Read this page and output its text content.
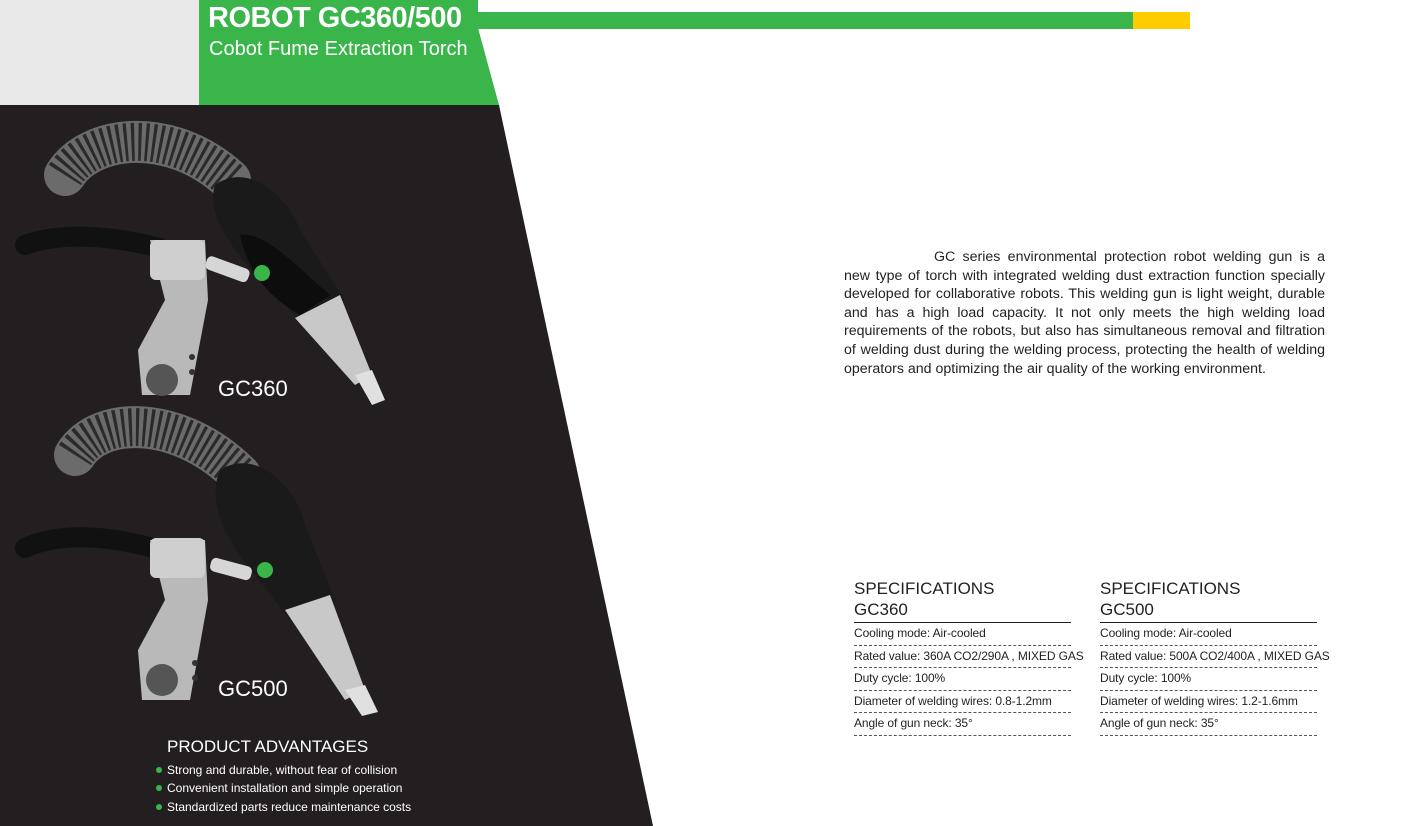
ROBOT GC360/500
Cobot Fume Extraction Torch
GC360
GC500
PRODUCT ADVANTAGES
Strong and durable, without fear of collision
Convenient installation and simple operation
Standardized parts reduce maintenance costs
GC series environmental protection robot welding gun is a new type of torch with integrated welding dust extraction function specially developed for collaborative robots. This welding gun is light weight, durable and has a high load capacity. It not only meets the high welding load requirements of the robots, but also has simultaneous removal and filtration of welding dust during the welding process, protecting the health of welding operators and optimizing the air quality of the working environment.
SPECIFICATIONS
GC360
Cooling mode: Air-cooled
Rated value: 360A CO2/290A , MIXED GAS
Duty cycle: 100%
Diameter of welding wires: 0.8-1.2mm
Angle of gun neck: 35°
SPECIFICATIONS
GC500
Cooling mode: Air-cooled
Rated value: 500A CO2/400A , MIXED GAS
Duty cycle: 100%
Diameter of welding wires: 1.2-1.6mm
Angle of gun neck: 35°
